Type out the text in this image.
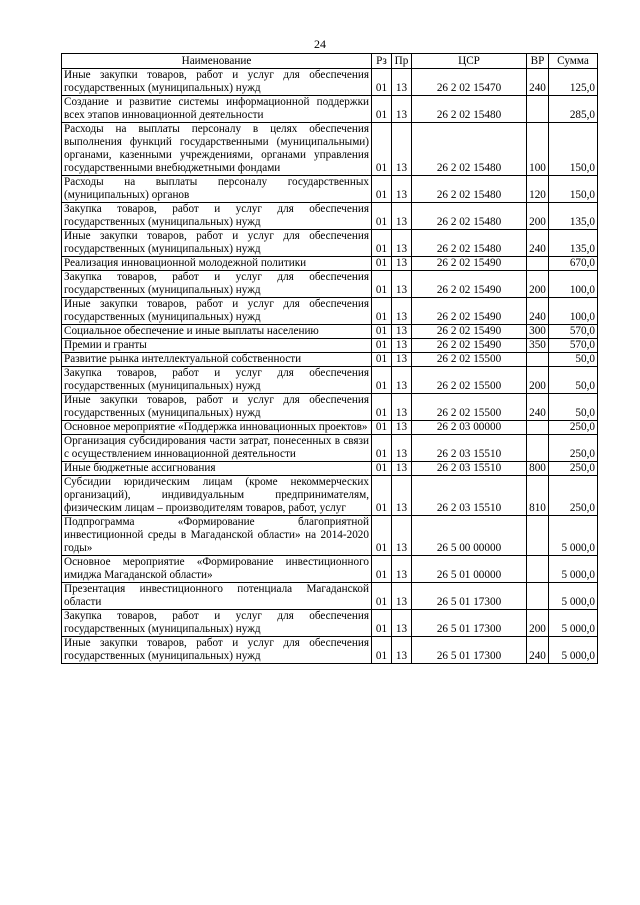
24
Наименование	Рз	Пр	ЦСР	ВР	Сумма
Иные закупки товаров, работ и услуг для обеспечения государственных (муниципальных) нужд	01	13	26 2 02 15470	240	125,0
Создание и развитие системы информационной поддержки всех этапов инновационной деятельности	01	13	26 2 02 15480		285,0
Расходы на выплаты персоналу в целях обеспечения выполнения функций государственными (муниципальными) органами, казенными учреждениями, органами управления государственными внебюджетными фондами	01	13	26 2 02 15480	100	150,0
Расходы на выплаты персоналу государственных (муниципальных) органов	01	13	26 2 02 15480	120	150,0
Закупка товаров, работ и услуг для обеспечения государственных (муниципальных) нужд	01	13	26 2 02 15480	200	135,0
Иные закупки товаров, работ и услуг для обеспечения государственных (муниципальных) нужд	01	13	26 2 02 15480	240	135,0
Реализация инновационной молодежной политики	01	13	26 2 02 15490		670,0
Закупка товаров, работ и услуг для обеспечения государственных (муниципальных) нужд	01	13	26 2 02 15490	200	100,0
Иные закупки товаров, работ и услуг для обеспечения государственных (муниципальных) нужд	01	13	26 2 02 15490	240	100,0
Социальное обеспечение и иные выплаты населению	01	13	26 2 02 15490	300	570,0
Премии и гранты	01	13	26 2 02 15490	350	570,0
Развитие рынка интеллектуальной собственности	01	13	26 2 02 15500		50,0
Закупка товаров, работ и услуг для обеспечения государственных (муниципальных) нужд	01	13	26 2 02 15500	200	50,0
Иные закупки товаров, работ и услуг для обеспечения государственных (муниципальных) нужд	01	13	26 2 02 15500	240	50,0
Основное мероприятие «Поддержка инновационных проектов»	01	13	26 2 03 00000		250,0
Организация субсидирования части затрат, понесенных в связи с осуществлением инновационной деятельности	01	13	26 2 03 15510		250,0
Иные бюджетные ассигнования	01	13	26 2 03 15510	800	250,0
Субсидии юридическим лицам (кроме некоммерческих организаций), индивидуальным предпринимателям, физическим лицам – производителям товаров, работ, услуг	01	13	26 2 03 15510	810	250,0
Подпрограмма «Формирование благоприятной инвестиционной среды в Магаданской области» на 2014-2020 годы»	01	13	26 5 00 00000		5 000,0
Основное мероприятие «Формирование инвестиционного имиджа Магаданской области»	01	13	26 5 01 00000		5 000,0
Презентация инвестиционного потенциала Магаданской области	01	13	26 5 01 17300		5 000,0
Закупка товаров, работ и услуг для обеспечения государственных (муниципальных) нужд	01	13	26 5 01 17300	200	5 000,0
Иные закупки товаров, работ и услуг для обеспечения государственных (муниципальных) нужд	01	13	26 5 01 17300	240	5 000,0
